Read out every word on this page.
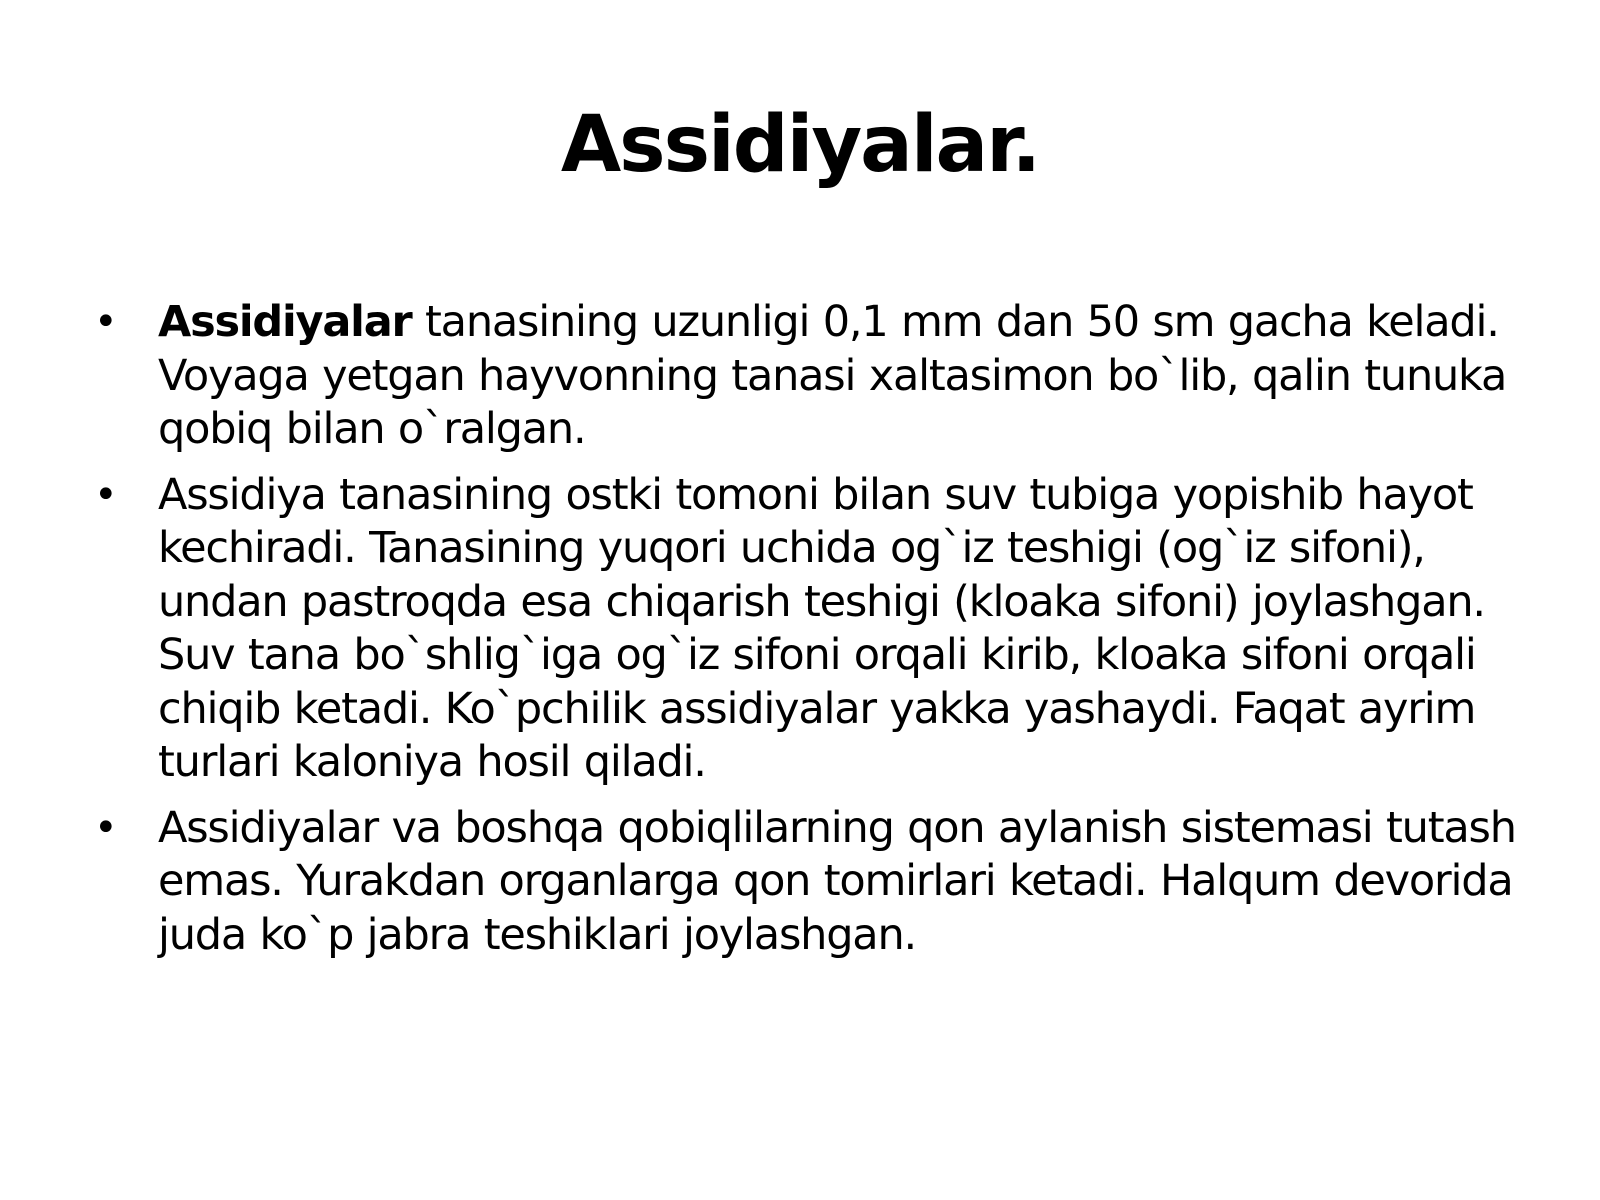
Assidiyalar.
• Assidiyalar tanasining uzunligi 0,1 mm dan 50 sm gacha keladi. Voyaga yetgan hayvonning tanasi xaltasimon bo`lib, qalin tunuka qobiq bilan o`ralgan.
• Assidiya tanasining ostki tomoni bilan suv tubiga yopishib hayot kechiradi. Tanasining yuqori uchida og`iz teshigi (og`iz sifoni), undan pastroqda esa chiqarish teshigi (kloaka sifoni) joylashgan. Suv tana bo`shlig`iga og`iz sifoni orqali kirib, kloaka sifoni orqali chiqib ketadi. Ko`pchilik assidiyalar yakka yashaydi. Faqat ayrim turlari kaloniya hosil qiladi.
• Assidiyalar va boshqa qobiqlilarning qon aylanish sistemasi tutash emas. Yurakdan organlarga qon tomirlari ketadi. Halqum devorida juda ko`p jabra teshiklari joylashgan.
